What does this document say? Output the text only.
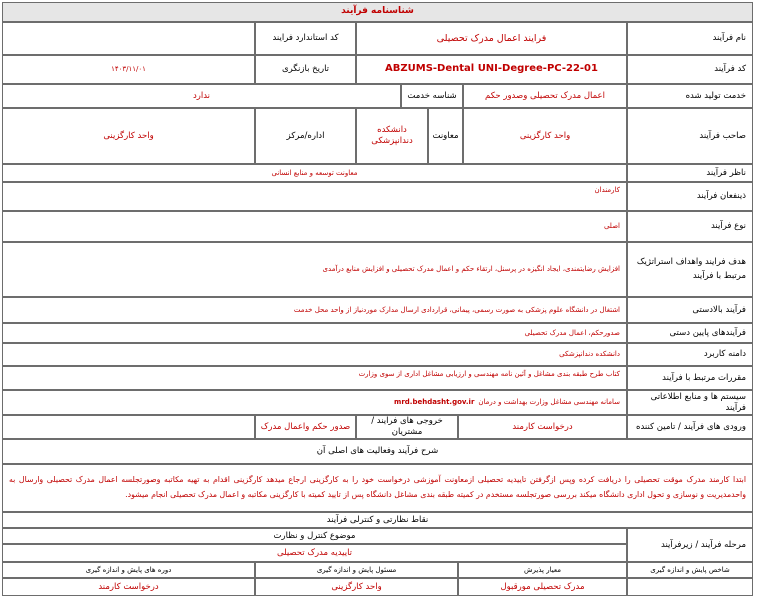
شناسنامه فرآیند
نام فرآیند
فرایند اعمال مدرک تحصیلی
کد استاندارد فرایند
کد فرآیند
ABZUMS-Dental UNI-Degree-PC-22-01
تاریخ بازنگری
۱۴۰۳/۱۱/۰۱
خدمت تولید شده
اعمال مدرک تحصیلی وصدور حکم
شناسه خدمت
ندارد
صاحب فرآیند
واحد کارگزینی
معاونت
دانشکده دندانپزشکی
اداره/مرکز
واحد کارگزینی
ناظر فرآیند
معاونت توسعه و منابع انسانی
ذینفعان فرآیند
کارمندان
نوع فرآیند
اصلی
هدف فرایند واهداف استراتژیک مرتبط با فرآیند
افزایش رضایتمندی، ایجاد انگیزه در پرسنل، ارتقاء حکم و اعمال مدرک تحصیلی و افزایش منابع درآمدی
فرآیند بالادستی
اشتغال در دانشگاه علوم پزشکی به صورت رسمی، پیمانی، قراردادی ارسال مدارک موردنیاز از واحد محل خدمت
فرآیندهای پایین دستی
صدورحکم، اعمال مدرک تحصیلی
دامنه کاربرد
دانشکده دندانپزشکی
مقررات مرتبط با فرآیند
کتاب طرح طبقه بندی مشاغل و آئین نامه مهندسی و ارزیابی مشاغل اداری از سوی وزارت
سیستم ها و منابع اطلاعاتی فرآیند
سامانه مهندسی مشاغل وزارت بهداشت و درمان
mrd.behdasht.gov.ir
ورودی های فرآیند / تامین کننده
درخواست کارمند
خروجی های فرآیند / مشتریان
صدور حکم واعمال مدرک
شرح فرآیند وفعالیت های اصلی آن
ابتدا کارمند مدرک موقت تحصیلی را دریافت کرده وپس ازگرفتن تاییدیه تحصیلی ازمعاونت آموزشی درخواست خود را به کارگزینی ارجاع میدهد کارگزینی اقدام به تهیه مکاتبه وصورتجلسه اعمال مدرک تحصیلی وارسال به واحدمدیریت و نوسازی و تحول اداری دانشگاه میکند بررسی صورتجلسه مستخدم در کمیته طبقه بندی مشاغل دانشگاه پس از تایید کمیته با کارگزینی مکاتبه و اعمال مدرک تحصیلی انجام میشود.
نقاط نظارتی و کنترلی فرآیند
مرحله فرآیند / زیرفرآیند
موضوع کنترل و نظارت
تاییدیه مدرک تحصیلی
شاخص پایش و اندازه گیری
معیار پذیرش
مسئول پایش و اندازه گیری
دوره های پایش و اندازه گیری
مدرک تحصیلی مورقبول
واحد کارگزینی
درخواست کارمند
